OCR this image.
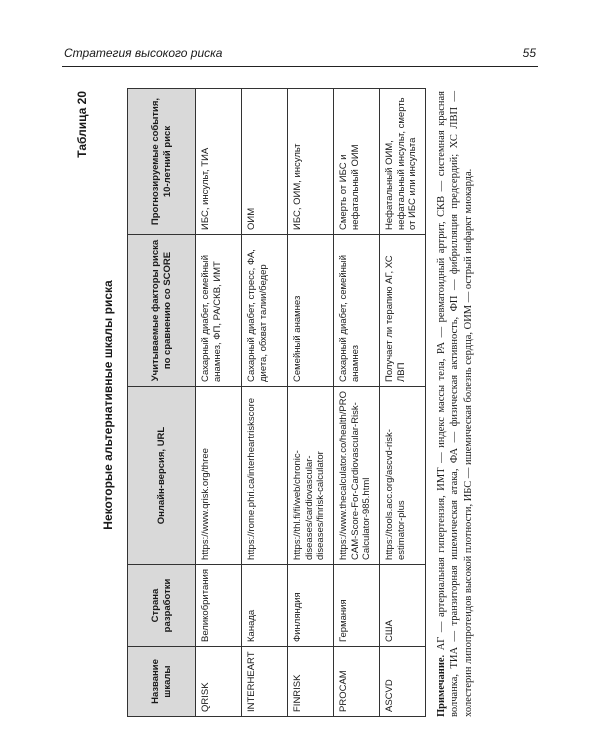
Стратегия высокого риска	55
Таблица 20
Некоторые альтернативные шкалы риска
Название шкалы	Страна разработки	Онлайн-версия, URL	Учитываемые факторы риска по сравнению со SCORE	Прогнозируемые события, 10-летний риск
QRISK	Великобритания	https://www.qrisk.org/three	Сахарный диабет, семейный анамнез, ФП, РА/СКВ, ИМТ	ИБС, инсульт, ТИА
INTERHEART	Канада	https://rome.phri.ca/interheartriskscore	Сахарный диабет, стресс, ФА, диета, обхват талии/бедер	ОИМ
FINRISK	Финляндия	https://thl.fi/fi/web/chronic-diseases/cardiovascular-diseases/finrisk-calculator	Семейный анамнез	ИБС, ОИМ, инсульт
PROCAM	Германия	https://www.thecalculator.co/health/PROCAM-Score-For-Cardiovascular-Risk-Calculator-985.html	Сахарный диабет, семейный анамнез	Смерть от ИБС и нефатальный ОИМ
ASCVD	США	https://tools.acc.org/ascvd-risk-estimator-plus	Получает ли терапию АГ, ХС ЛВП	Нефатальный ОИМ, нефатальный инсульт, смерть от ИБС или инсульта
Примечание. АГ — артериальная гипертензия, ИМТ — индекс массы тела, РА — ревматоидный артрит, СКВ — системная красная волчанка, ТИА — транзиторная ишемическая атака, ФА — физическая активность, ФП — фибрилляция предсердий; ХС ЛВП — холестерин липопротеидов высокой плотности, ИБС — ишемическая болезнь сердца, ОИМ — острый инфаркт миокарда.
